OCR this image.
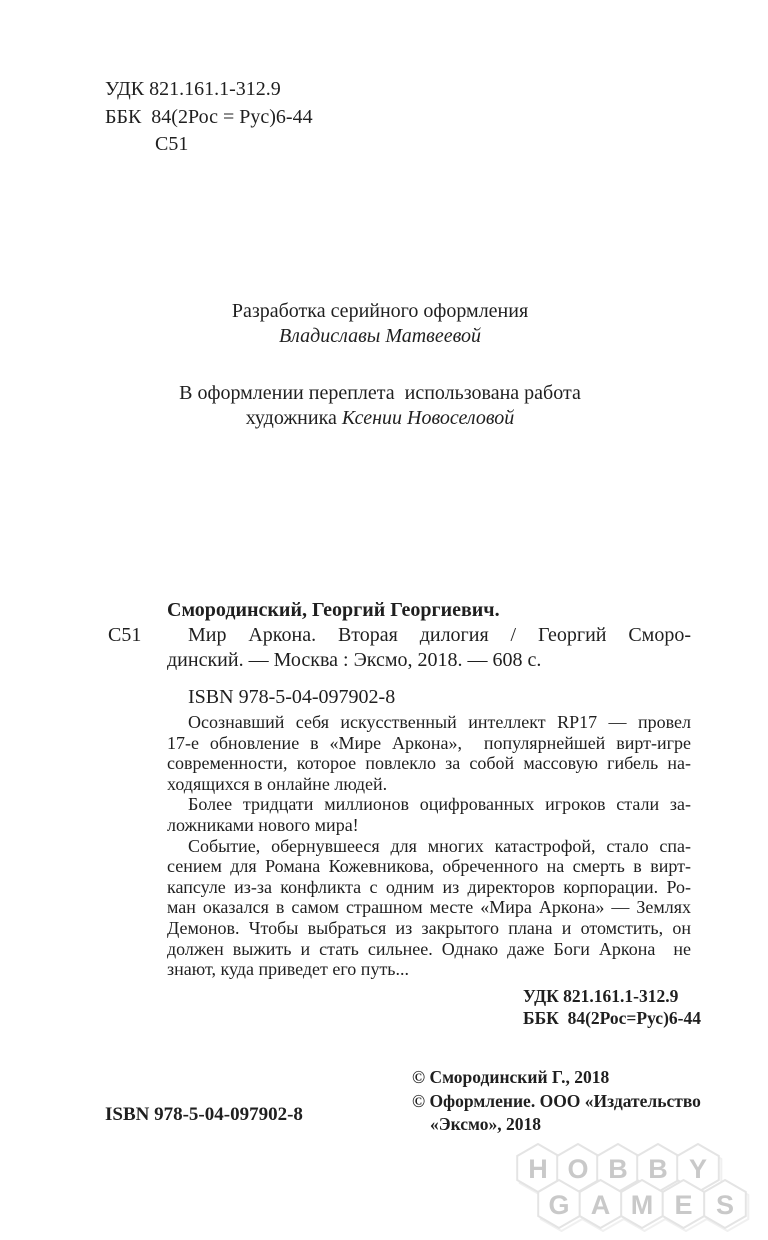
УДК 821.161.1-312.9
ББК  84(2Рос = Рус)6-44
С51
Разработка серийного оформления
Владиславы Матвеевой
В оформлении переплета  использована работа
художника Ксении Новоселовой
Смородинский, Георгий Георгиевич.
С51 Мир Аркона. Вторая дилогия / Георгий Сморо-
динский. — Москва : Эксмо, 2018. — 608 с.
ISBN 978-5-04-097902-8
Осознавший себя искусственный интеллект RP17 — провел
17-е обновление в «Мире Аркона»,  популярнейшей вирт-игре
современности, которое повлекло за собой массовую гибель на-
ходящихся в онлайне людей.
Более тридцати миллионов оцифрованных игроков стали за-
ложниками нового мира!
Событие, обернувшееся для многих катастрофой, стало спа-
сением для Романа Кожевникова, обреченного на смерть в вирт-
капсуле из-за конфликта с одним из директоров корпорации. Ро-
ман оказался в самом страшном месте «Мира Аркона» — Землях
Демонов. Чтобы выбраться из закрытого плана и отомстить, он
должен выжить и стать сильнее. Однако даже Боги Аркона  не
знают, куда приведет его путь...
УДК 821.161.1-312.9
ББК  84(2Рос=Рус)6-44
ISBN 978-5-04-097902-8
© Смородинский Г., 2018
© Оформление. ООО «Издательство
«Эксмо», 2018
H O B B Y
G A M E S
